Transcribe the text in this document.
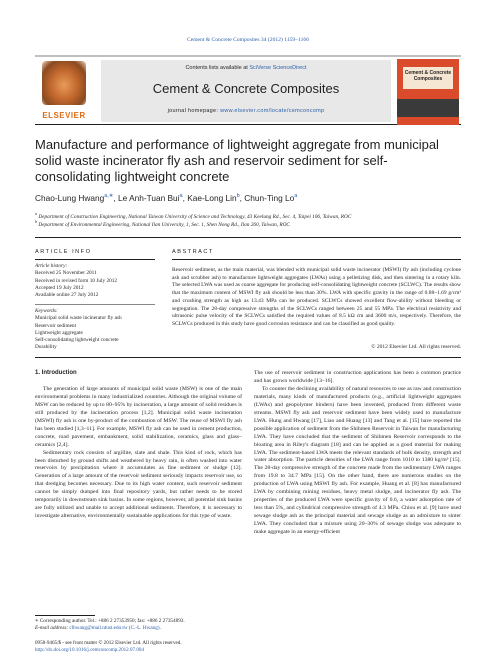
Cement & Concrete Composites 34 (2012) 1159–1166
ELSEVIER
Contents lists available at SciVerse ScienceDirect
Cement & Concrete Composites
journal homepage: www.elsevier.com/locate/cemconcomp
Cement & Concrete Composites
Manufacture and performance of lightweight aggregate from municipal solid waste incinerator fly ash and reservoir sediment for self-consolidating lightweight concrete
Chao-Lung Hwang$^{a,∗}$, Le Anh-Tuan Bui$^a$, Kae-Long Lin$^b$, Chun-Ting Lo$^a$
$^a$ Department of Construction Engineering, National Taiwan University of Science and Technology, 43 Keelung Rd., Sec. 4, Taipei 106, Taiwan, ROC
$^b$ Department of Environmental Engineering, National Ilan University, 1, Sec. 1, Shen Nong Rd., Ilan 260, Taiwan, ROC
ARTICLE INFO	ABSTRACT
Article history:
Received 25 November 2011
Received in revised form 10 July 2012
Accepted 19 July 2012
Available online 27 July 2012
Keywords:
Municipal solid waste incinerator fly ash
Reservoir sediment
Lightweight aggregate
Self-consolidating lightweight concrete
Durability
Reservoir sediment, as the main material, was blended with municipal solid waste incinerator (MSWI) fly ash (including cyclone ash and scrubber ash) to manufacture lightweight aggregates (LWAs) using a pelletizing disk, and then sintering in a rotary kiln. The selected LWA was used as coarse aggregate for producing self-consolidating lightweight concrete (SCLWC). The results show that the maximum content of MSWI fly ash should be less than 30%. LWA with specific gravity in the range of 0.88–1.69 g/cm³ and crushing strength as high as 13.43 MPa can be produced. SCLWCs showed excellent flow-ability without bleeding or segregation. The 28-day compressive strengths of the SCLWCs ranged between 25 and 55 MPa. The electrical resistivity and ultrasonic pulse velocity of the SCLWCs satisfied the required values of 8.5 kΩ cm and 3600 m/s, respectively. Therefore, the SCLWCs produced in this study have good corrosion resistance and can be classified as good quality.
© 2012 Elsevier Ltd. All rights reserved.
1. Introduction

The generation of large amounts of municipal solid waste (MSW) is one of the main environmental problems in many industrialized countries. Although the original volume of MSW can be reduced by up to 80–95% by incineration, a large amount of solid residues is still produced by the incineration process [1,2]. Municipal solid waste incineration (MSWI) fly ash is one by-product of the combustion of MSW. The reuse of MSWI fly ash has been studied [1,3–11]. For example, MSWI fly ash can be used in cement production, concrete, road pavement, embankment, solid stabilization, ceramics, glass and glass–ceramics [2,4].

Sedimentary rock consists of argillite, slate and shale. This kind of rock, which has been disturbed by ground shifts and weathered by heavy rain, is often washed into water reservoirs by precipitation where it accumulates as fine sediment or sludge [12]. Generation of a large amount of the reservoir sediment seriously impacts reservoir use, so that dredging becomes necessary. Due to its high water content, such reservoir sediment cannot be simply dumped into final repository yards, but rather needs to be stored temporarily in downstream sink basins. In some regions, however, all potential sink basins are fully utilized and unable to accept additional sediments. Therefore, it is necessary to investigate alternative, environmentally sustainable applications for this type of waste.

The use of reservoir sediment in construction applications has been a common practice and has grown worldwide [13–16].

To counter the declining availability of natural resources to use as raw and construction materials, many kinds of manufactured products (e.g., artificial lightweight aggregates (LWAs) and geopolymer binders) have been invented, produced from different waste streams. MSWI fly ash and reservoir sediment have been widely used to manufacture LWA. Hung and Hwang [17], Liao and Huang [13] and Tang et al. [15] have reported the possible application of sediment from the Shihmen Reservoir in Taiwan for manufacturing LWA. They have concluded that the sediment of Shihmen Reservoir corresponds to the bloating area in Riley's diagram [18] and can be applied as a good material for making LWA. The sediment-based LWA meets the relevant standards of bulk density, strength and water absorption. The particle densities of the LWA range from 1010 to 1380 kg/m³ [15]. The 28-day compressive strength of the concrete made from the sedimentary LWA ranges from 19.8 to 34.7 MPa [15]. On the other hand, there are numerous studies on the production of LWA using MSWI fly ash. For example, Huang et al. [8] has manufactured LWA by combining mining residues, heavy metal sludge, and incinerator fly ash. The properties of the produced LWA were specific gravity of 0.6, a water adsorption rate of less than 5%, and cylindrical compressive strength of 4.3 MPa. Chiou et al. [9] have used sewage sludge ash as the principal material and sewage sludge as an admixture to sinter LWA. They concluded that a mixture using 20–30% of sewage sludge was adequate to make aggregate in an energy-efficient

∗ Corresponding author. Tel.: +886 2 27353950; fax: +886 2 27354893.
E-mail address: clhwang@mail.ntust.edu.tw (C.-L. Hwang).
0958-9465/$ - see front matter © 2012 Elsevier Ltd. All rights reserved.
http://dx.doi.org/10.1016/j.cemconcomp.2012.07.004
